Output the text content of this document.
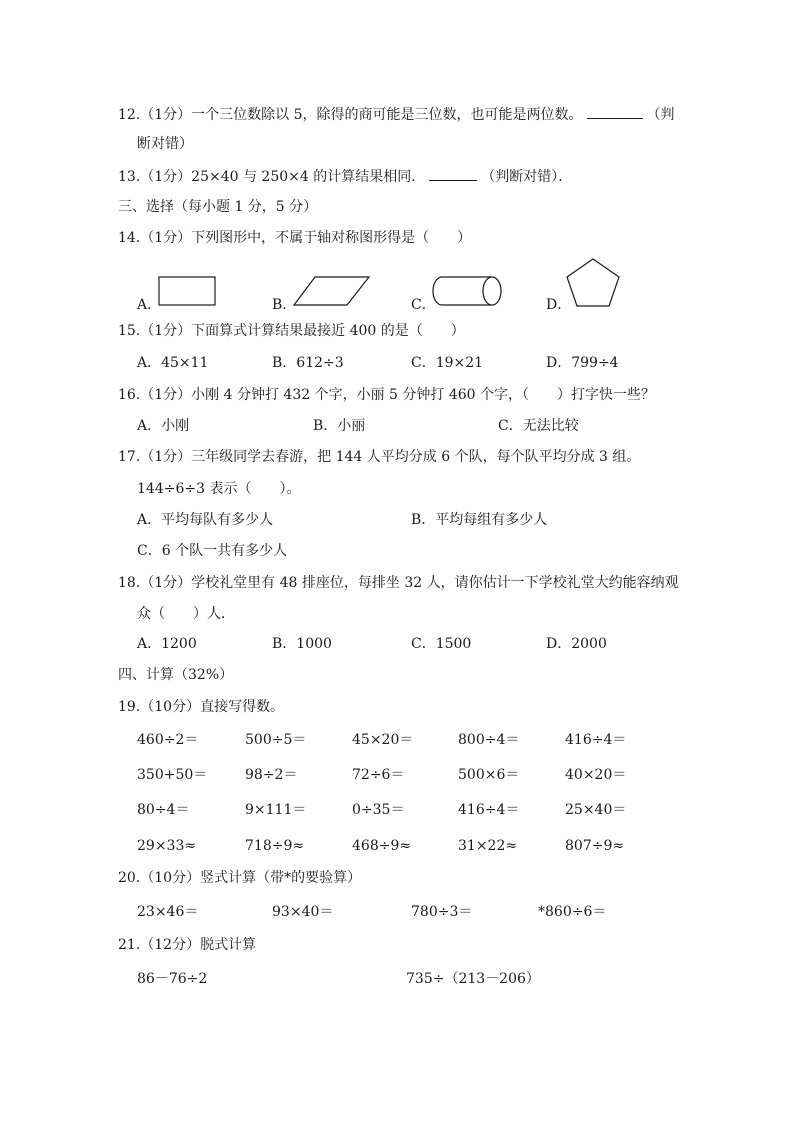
12.（1分）一个三位数除以 5，除得的商可能是三位数，也可能是两位数。	（判
断对错）
13.（1分）25×40 与 250×4 的计算结果相同．	（判断对错）．
三、选择（每小题 1 分，5 分）
14.（1分）下列图形中，不属于轴对称图形得是（　　）
A．	B．	C．	D．
15.（1分）下面算式计算结果最接近 400 的是（　　）
A．45×11	B．612÷3	C．19×21	D．799÷4
16.（1分）小刚 4 分钟打 432 个字，小丽 5 分钟打 460 个字，（　　）打字快一些？
A．小刚	B．小丽	C．无法比较
17.（1分）三年级同学去春游，把 144 人平均分成 6 个队，每个队平均分成 3 组。
144÷6÷3 表示（　　）。
A．平均每队有多少人	B．平均每组有多少人
C．6 个队一共有多少人
18.（1分）学校礼堂里有 48 排座位，每排坐 32 人，请你估计一下学校礼堂大约能容纳观
众（　　）人．
A．1200	B．1000	C．1500	D．2000
四、计算（32%）
19.（10分）直接写得数。
460÷2＝	500÷5＝	45×20＝	800÷4＝	416÷4＝
350+50＝	98÷2＝	72÷6＝	500×6＝	40×20＝
80÷4＝	9×111＝	0÷35＝	416÷4＝	25×40＝
29×33≈	718÷9≈	468÷9≈	31×22≈	807÷9≈
20.（10分）竖式计算（带*的要验算）
23×46＝	93×40＝	780÷3＝	*860÷6＝
21.（12分）脱式计算
86－76÷2	735÷（213－206）
